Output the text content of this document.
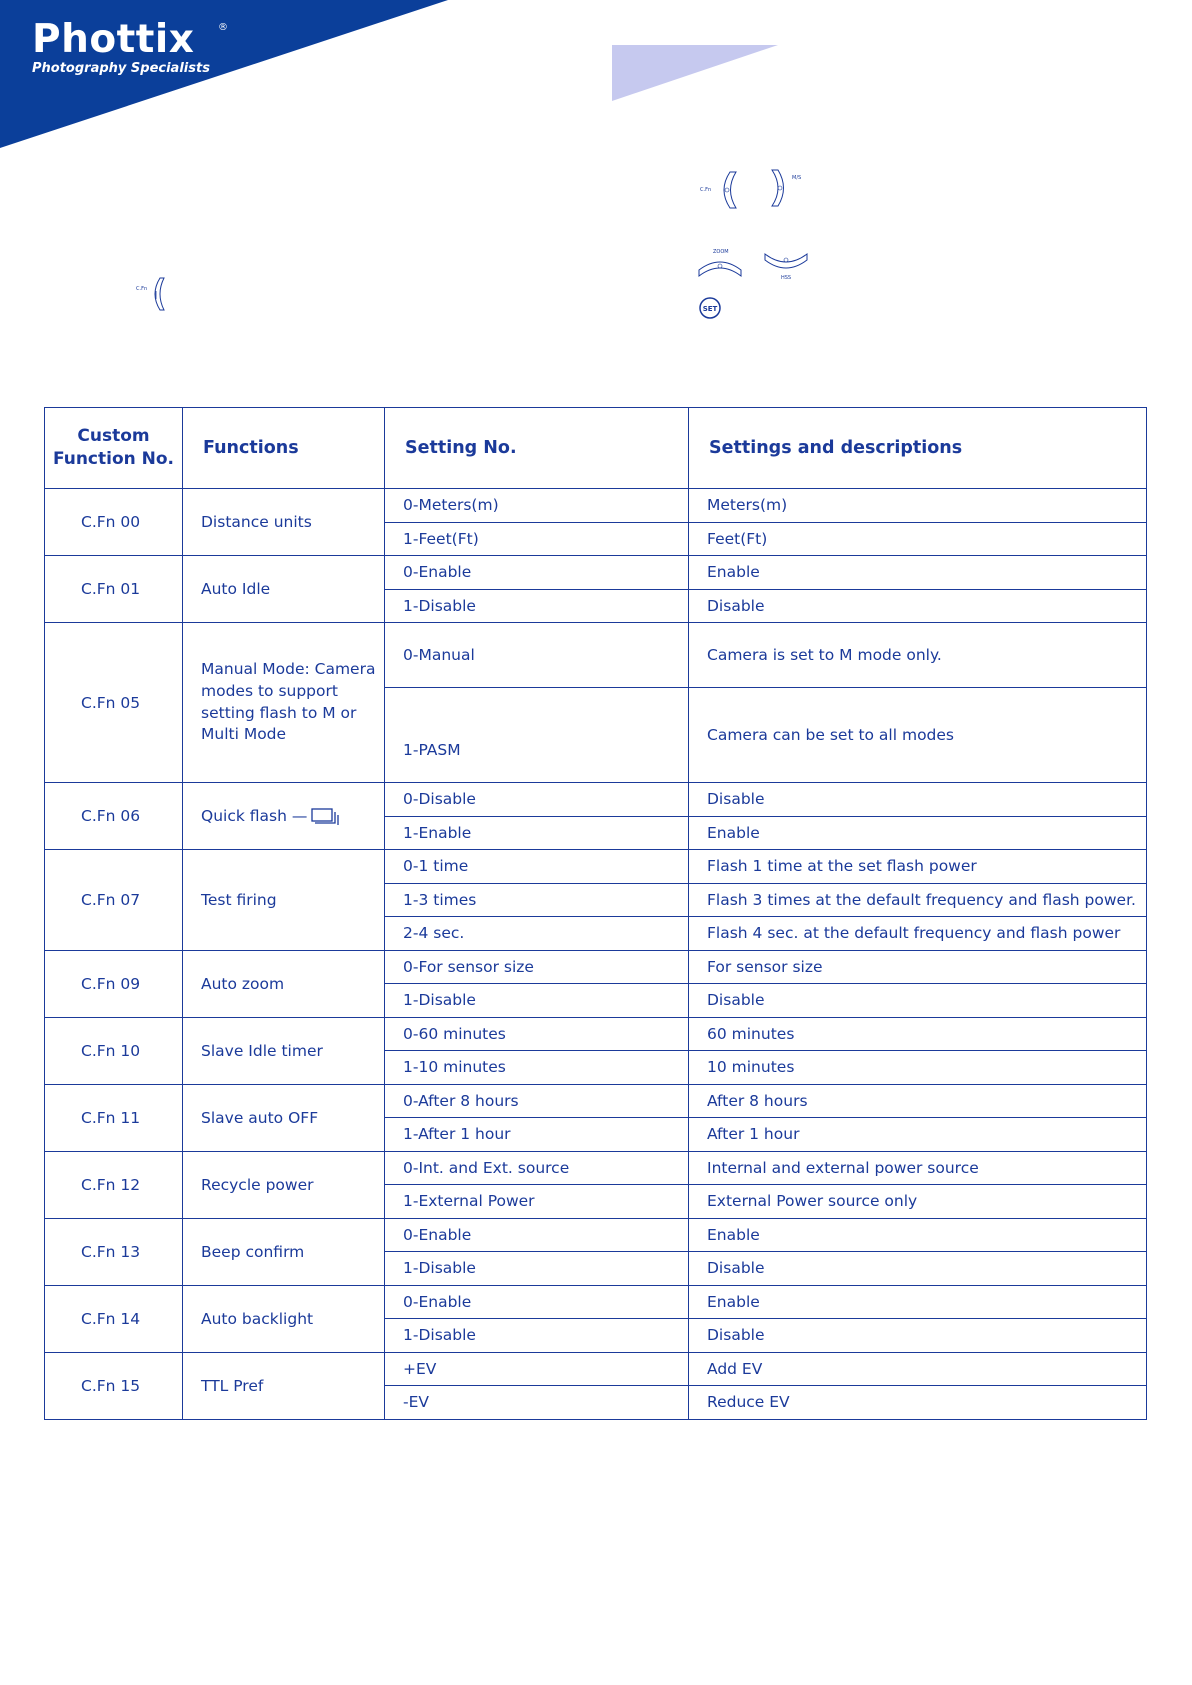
Phottix	®
Photography Specialists
C.Fn
C.Fn
M/S
ZOOM
HSS
SET
Custom Function No.	Functions	Setting No.	Settings and descriptions
C.Fn 00	Distance units	0-Meters(m)	Meters(m)
		1-Feet(Ft)	Feet(Ft)
C.Fn 01	Auto Idle	0-Enable	Enable
		1-Disable	Disable
C.Fn 05	Manual Mode: Camera modes to support setting flash to M or Multi Mode	0-Manual	Camera is set to M mode only.
		1-PASM	Camera can be set to all modes
C.Fn 06	Quick flash —	0-Disable	Disable
		1-Enable	Enable
C.Fn 07	Test firing	0-1 time	Flash 1 time at the set flash power
		1-3 times	Flash 3 times at the default frequency and flash power.
		2-4 sec.	Flash 4 sec. at the default frequency and flash power
C.Fn 09	Auto zoom	0-For sensor size	For sensor size
		1-Disable	Disable
C.Fn 10	Slave Idle timer	0-60 minutes	60 minutes
		1-10 minutes	10 minutes
C.Fn 11	Slave auto OFF	0-After 8 hours	After 8 hours
		1-After 1 hour	After 1 hour
C.Fn 12	Recycle power	0-Int. and Ext. source	Internal and external power source
		1-External Power	External Power source only
C.Fn 13	Beep confirm	0-Enable	Enable
		1-Disable	Disable
C.Fn 14	Auto backlight	0-Enable	Enable
		1-Disable	Disable
C.Fn 15	TTL Pref	+EV	Add EV
		-EV	Reduce EV
